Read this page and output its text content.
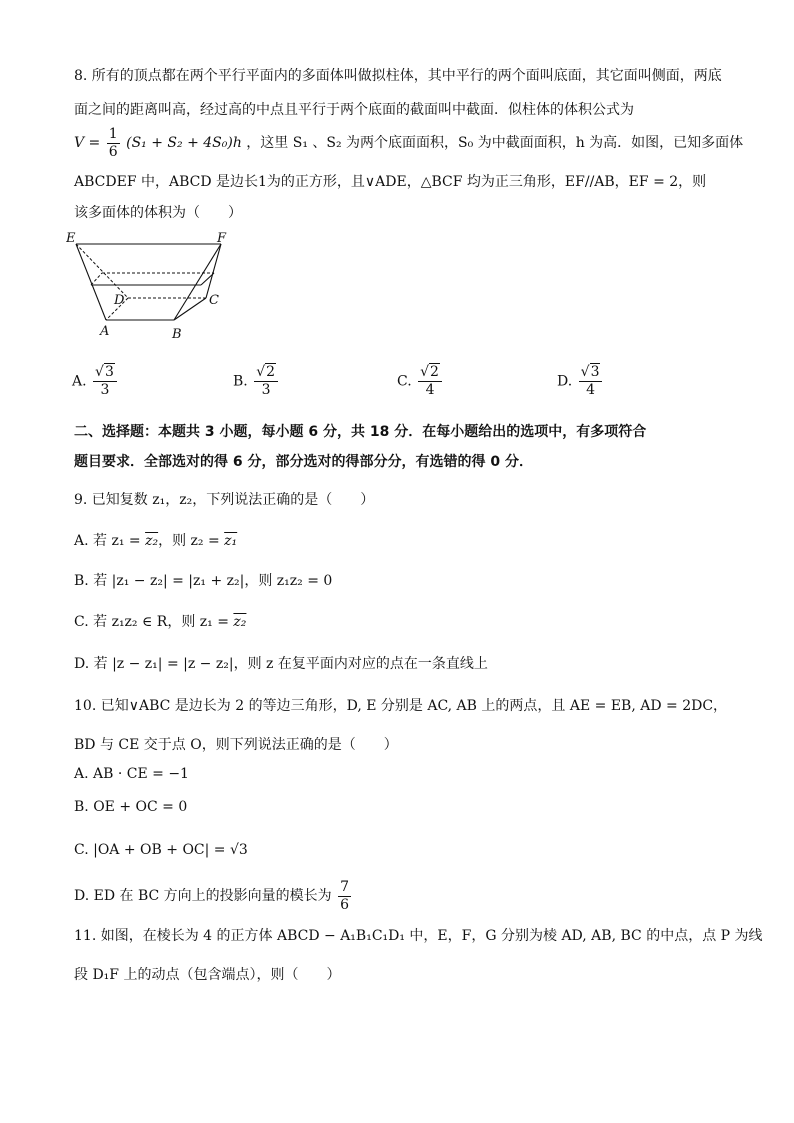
8. 所有的顶点都在两个平行平面内的多面体叫做拟柱体，其中平行的两个面叫底面，其它面叫侧面，两底
面之间的距离叫高，经过高的中点且平行于两个底面的截面叫中截面．似柱体的体积公式为
$V = \frac{1}{6} (S_1 + S_2 + 4S_0)h$ ，这里 S₁ 、S₂ 为两个底面面积，S₀ 为中截面面积，h 为高．如图，已知多面体
ABCDEF 中，ABCD 是边长1为的正方形，且∨ADE，△BCF 均为正三角形，EF//AB，EF = 2，则
该多面体的体积为（　　）
E	F
D	C
A	B
A. $\frac{√3}{3}$	B. $\frac{√2}{3}$	C. $\frac{√2}{4}$	D. $\frac{√3}{4}$
二、选择题：本题共 3 小题，每小题 6 分，共 18 分．在每小题给出的选项中，有多项符合
题目要求．全部选对的得 6 分，部分选对的得部分分，有选错的得 0 分．
9. 已知复数 z₁，z₂，下列说法正确的是（　　）
A. 若 z₁ = z₂，则 z₂ = z₁
B. 若 |z₁ − z₂| = |z₁ + z₂|，则 z₁z₂ = 0
C. 若 z₁z₂ ∈ R，则 z₁ = z₂
D. 若 |z − z₁| = |z − z₂|，则 z 在复平面内对应的点在一条直线上
10. 已知∨ABC 是边长为 2 的等边三角形，D, E 分别是 AC, AB 上的两点，且 AE = EB, AD = 2DC，
BD 与 CE 交于点 O，则下列说法正确的是（　　）
A. AB · CE = −1
B. OE + OC = 0
C. |OA + OB + OC| = √3
D. ED 在 BC 方向上的投影向量的模长为 $\frac{7}{6}$
11. 如图，在棱长为 4 的正方体 ABCD − A₁B₁C₁D₁ 中，E，F，G 分别为棱 AD, AB, BC 的中点，点 P 为线
段 D₁F 上的动点（包含端点），则（　　）
